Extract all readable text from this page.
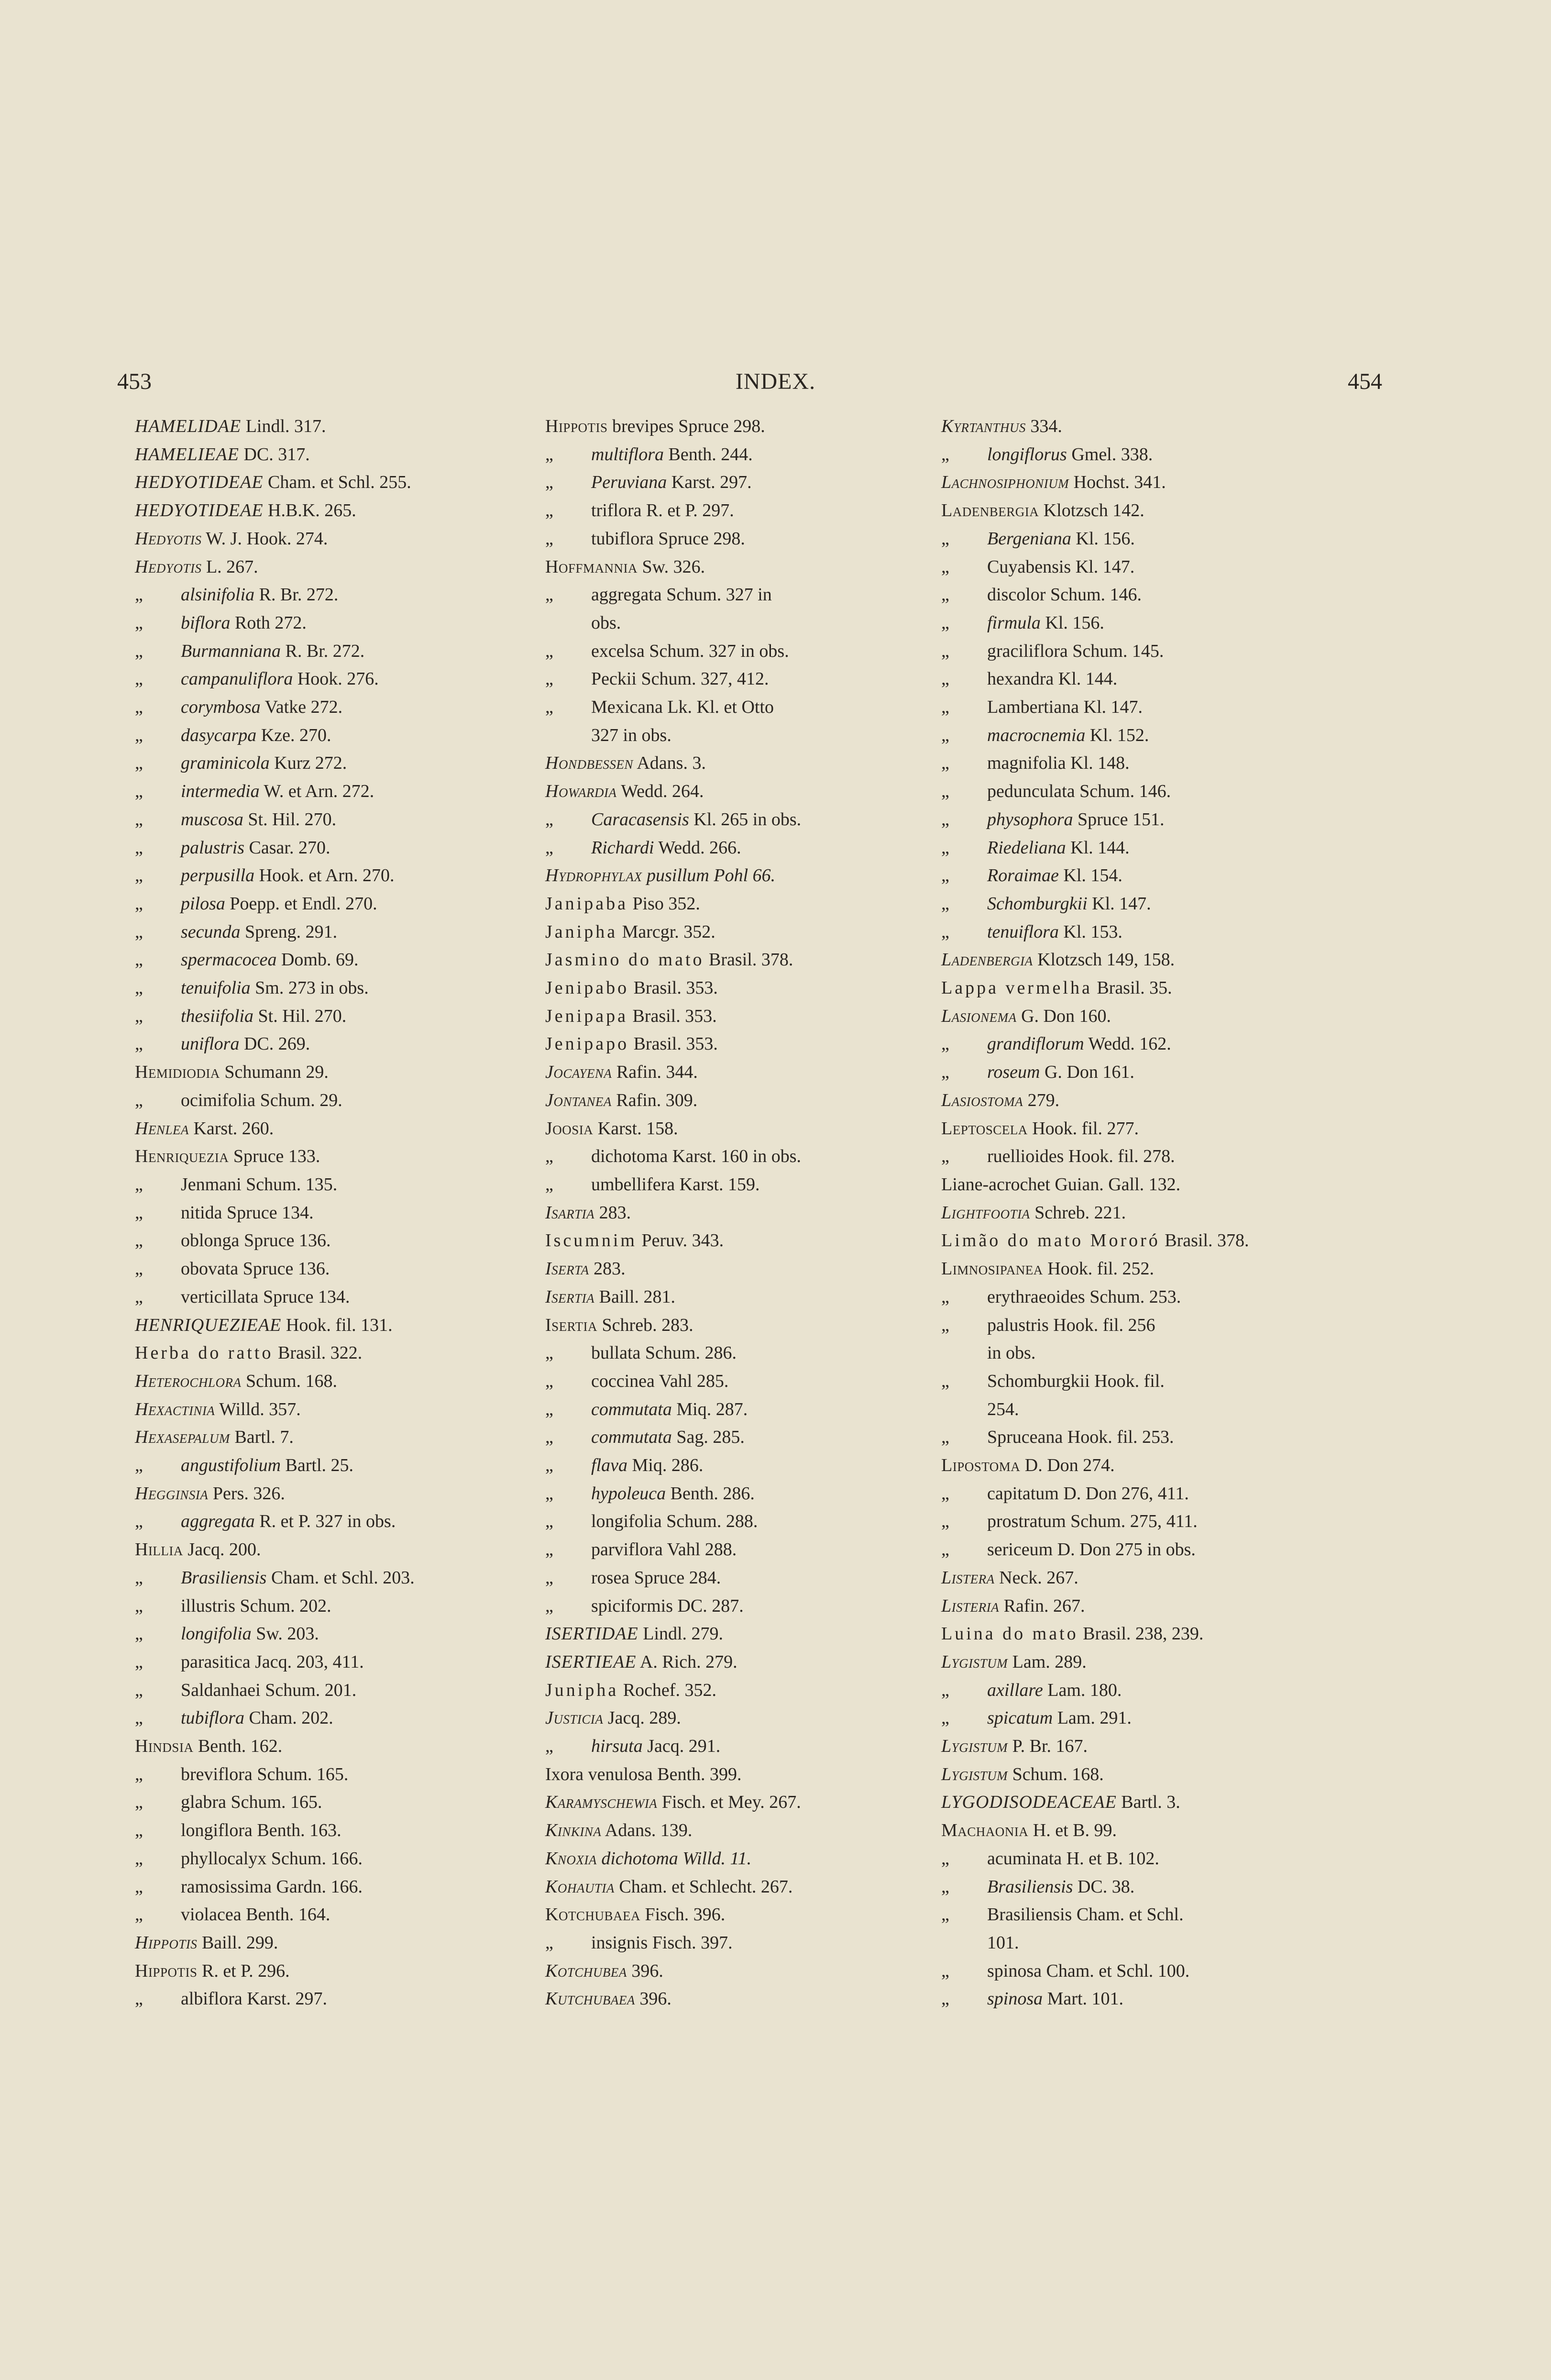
453	INDEX.	454
HAMELIDAE Lindl. 317.
HAMELIEAE DC. 317.
HEDYOTIDEAE Cham. et Schl. 255.
HEDYOTIDEAE H.B.K. 265.
Hedyotis W. J. Hook. 274.
Hedyotis L. 267.
„ alsinifolia R. Br. 272.
„ biflora Roth 272.
„ Burmanniana R. Br. 272.
„ campanuliflora Hook. 276.
„ corymbosa Vatke 272.
„ dasycarpa Kze. 270.
„ graminicola Kurz 272.
„ intermedia W. et Arn. 272.
„ muscosa St. Hil. 270.
„ palustris Casar. 270.
„ perpusilla Hook. et Arn. 270.
„ pilosa Poepp. et Endl. 270.
„ secunda Spreng. 291.
„ spermacocea Domb. 69.
„ tenuifolia Sm. 273 in obs.
„ thesiifolia St. Hil. 270.
„ uniflora DC. 269.
Hemidiodia Schumann 29.
„ ocimifolia Schum. 29.
Henlea Karst. 260.
Henriquezia Spruce 133.
„ Jenmani Schum. 135.
„ nitida Spruce 134.
„ oblonga Spruce 136.
„ obovata Spruce 136.
„ verticillata Spruce 134.
HENRIQUEZIEAE Hook. fil. 131.
Herba do ratto Brasil. 322.
Heterochlora Schum. 168.
Hexactinia Willd. 357.
Hexasepalum Bartl. 7.
„ angustifolium Bartl. 25.
Hegginsia Pers. 326.
„ aggregata R. et P. 327 in obs.
Hillia Jacq. 200.
„ Brasiliensis Cham. et Schl. 203.
„ illustris Schum. 202.
„ longifolia Sw. 203.
„ parasitica Jacq. 203, 411.
„ Saldanhaei Schum. 201.
„ tubiflora Cham. 202.
Hindsia Benth. 162.
„ breviflora Schum. 165.
„ glabra Schum. 165.
„ longiflora Benth. 163.
„ phyllocalyx Schum. 166.
„ ramosissima Gardn. 166.
„ violacea Benth. 164.
Hippotis Baill. 299.
Hippotis R. et P. 296.
„ albiflora Karst. 297.
Hippotis brevipes Spruce 298.
„ multiflora Benth. 244.
„ Peruviana Karst. 297.
„ triflora R. et P. 297.
„ tubiflora Spruce 298.
Hoffmannia Sw. 326.
„ aggregata Schum. 327 in
obs.
„ excelsa Schum. 327 in obs.
„ Peckii Schum. 327, 412.
„ Mexicana Lk. Kl. et Otto
327 in obs.
Hondbessen Adans. 3.
Howardia Wedd. 264.
„ Caracasensis Kl. 265 in obs.
„ Richardi Wedd. 266.
Hydrophylax pusillum Pohl 66.
Janipaba Piso 352.
Janipha Marcgr. 352.
Jasmino do mato Brasil. 378.
Jenipabo Brasil. 353.
Jenipapa Brasil. 353.
Jenipapo Brasil. 353.
Jocayena Rafin. 344.
Jontanea Rafin. 309.
Joosia Karst. 158.
„ dichotoma Karst. 160 in obs.
„ umbellifera Karst. 159.
Isartia 283.
Iscumnim Peruv. 343.
Iserta 283.
Isertia Baill. 281.
Isertia Schreb. 283.
„ bullata Schum. 286.
„ coccinea Vahl 285.
„ commutata Miq. 287.
„ commutata Sag. 285.
„ flava Miq. 286.
„ hypoleuca Benth. 286.
„ longifolia Schum. 288.
„ parviflora Vahl 288.
„ rosea Spruce 284.
„ spiciformis DC. 287.
ISERTIDAE Lindl. 279.
ISERTIEAE A. Rich. 279.
Junipha Rochef. 352.
Justicia Jacq. 289.
„ hirsuta Jacq. 291.
Ixora venulosa Benth. 399.
Karamyschewia Fisch. et Mey. 267.
Kinkina Adans. 139.
Knoxia dichotoma Willd. 11.
Kohautia Cham. et Schlecht. 267.
Kotchubaea Fisch. 396.
„ insignis Fisch. 397.
Kotchubea 396.
Kutchubaea 396.
Kyrtanthus 334.
„ longiflorus Gmel. 338.
Lachnosiphonium Hochst. 341.
Ladenbergia Klotzsch 142.
„ Bergeniana Kl. 156.
„ Cuyabensis Kl. 147.
„ discolor Schum. 146.
„ firmula Kl. 156.
„ graciliflora Schum. 145.
„ hexandra Kl. 144.
„ Lambertiana Kl. 147.
„ macrocnemia Kl. 152.
„ magnifolia Kl. 148.
„ pedunculata Schum. 146.
„ physophora Spruce 151.
„ Riedeliana Kl. 144.
„ Roraimae Kl. 154.
„ Schomburgkii Kl. 147.
„ tenuiflora Kl. 153.
Ladenbergia Klotzsch 149, 158.
Lappa vermelha Brasil. 35.
Lasionema G. Don 160.
„ grandiflorum Wedd. 162.
„ roseum G. Don 161.
Lasiostoma 279.
Leptoscela Hook. fil. 277.
„ ruellioides Hook. fil. 278.
Liane-acrochet Guian. Gall. 132.
Lightfootia Schreb. 221.
Limão do mato Mororó Brasil. 378.
Limnosipanea Hook. fil. 252.
„ erythraeoides Schum. 253.
„ palustris Hook. fil. 256
in obs.
„ Schomburgkii Hook. fil.
254.
„ Spruceana Hook. fil. 253.
Lipostoma D. Don 274.
„ capitatum D. Don 276, 411.
„ prostratum Schum. 275, 411.
„ sericeum D. Don 275 in obs.
Listera Neck. 267.
Listeria Rafin. 267.
Luina do mato Brasil. 238, 239.
Lygistum Lam. 289.
„ axillare Lam. 180.
„ spicatum Lam. 291.
Lygistum P. Br. 167.
Lygistum Schum. 168.
LYGODISODEACEAE Bartl. 3.
Machaonia H. et B. 99.
„ acuminata H. et B. 102.
„ Brasiliensis DC. 38.
„ Brasiliensis Cham. et Schl.
101.
„ spinosa Cham. et Schl. 100.
„ spinosa Mart. 101.
